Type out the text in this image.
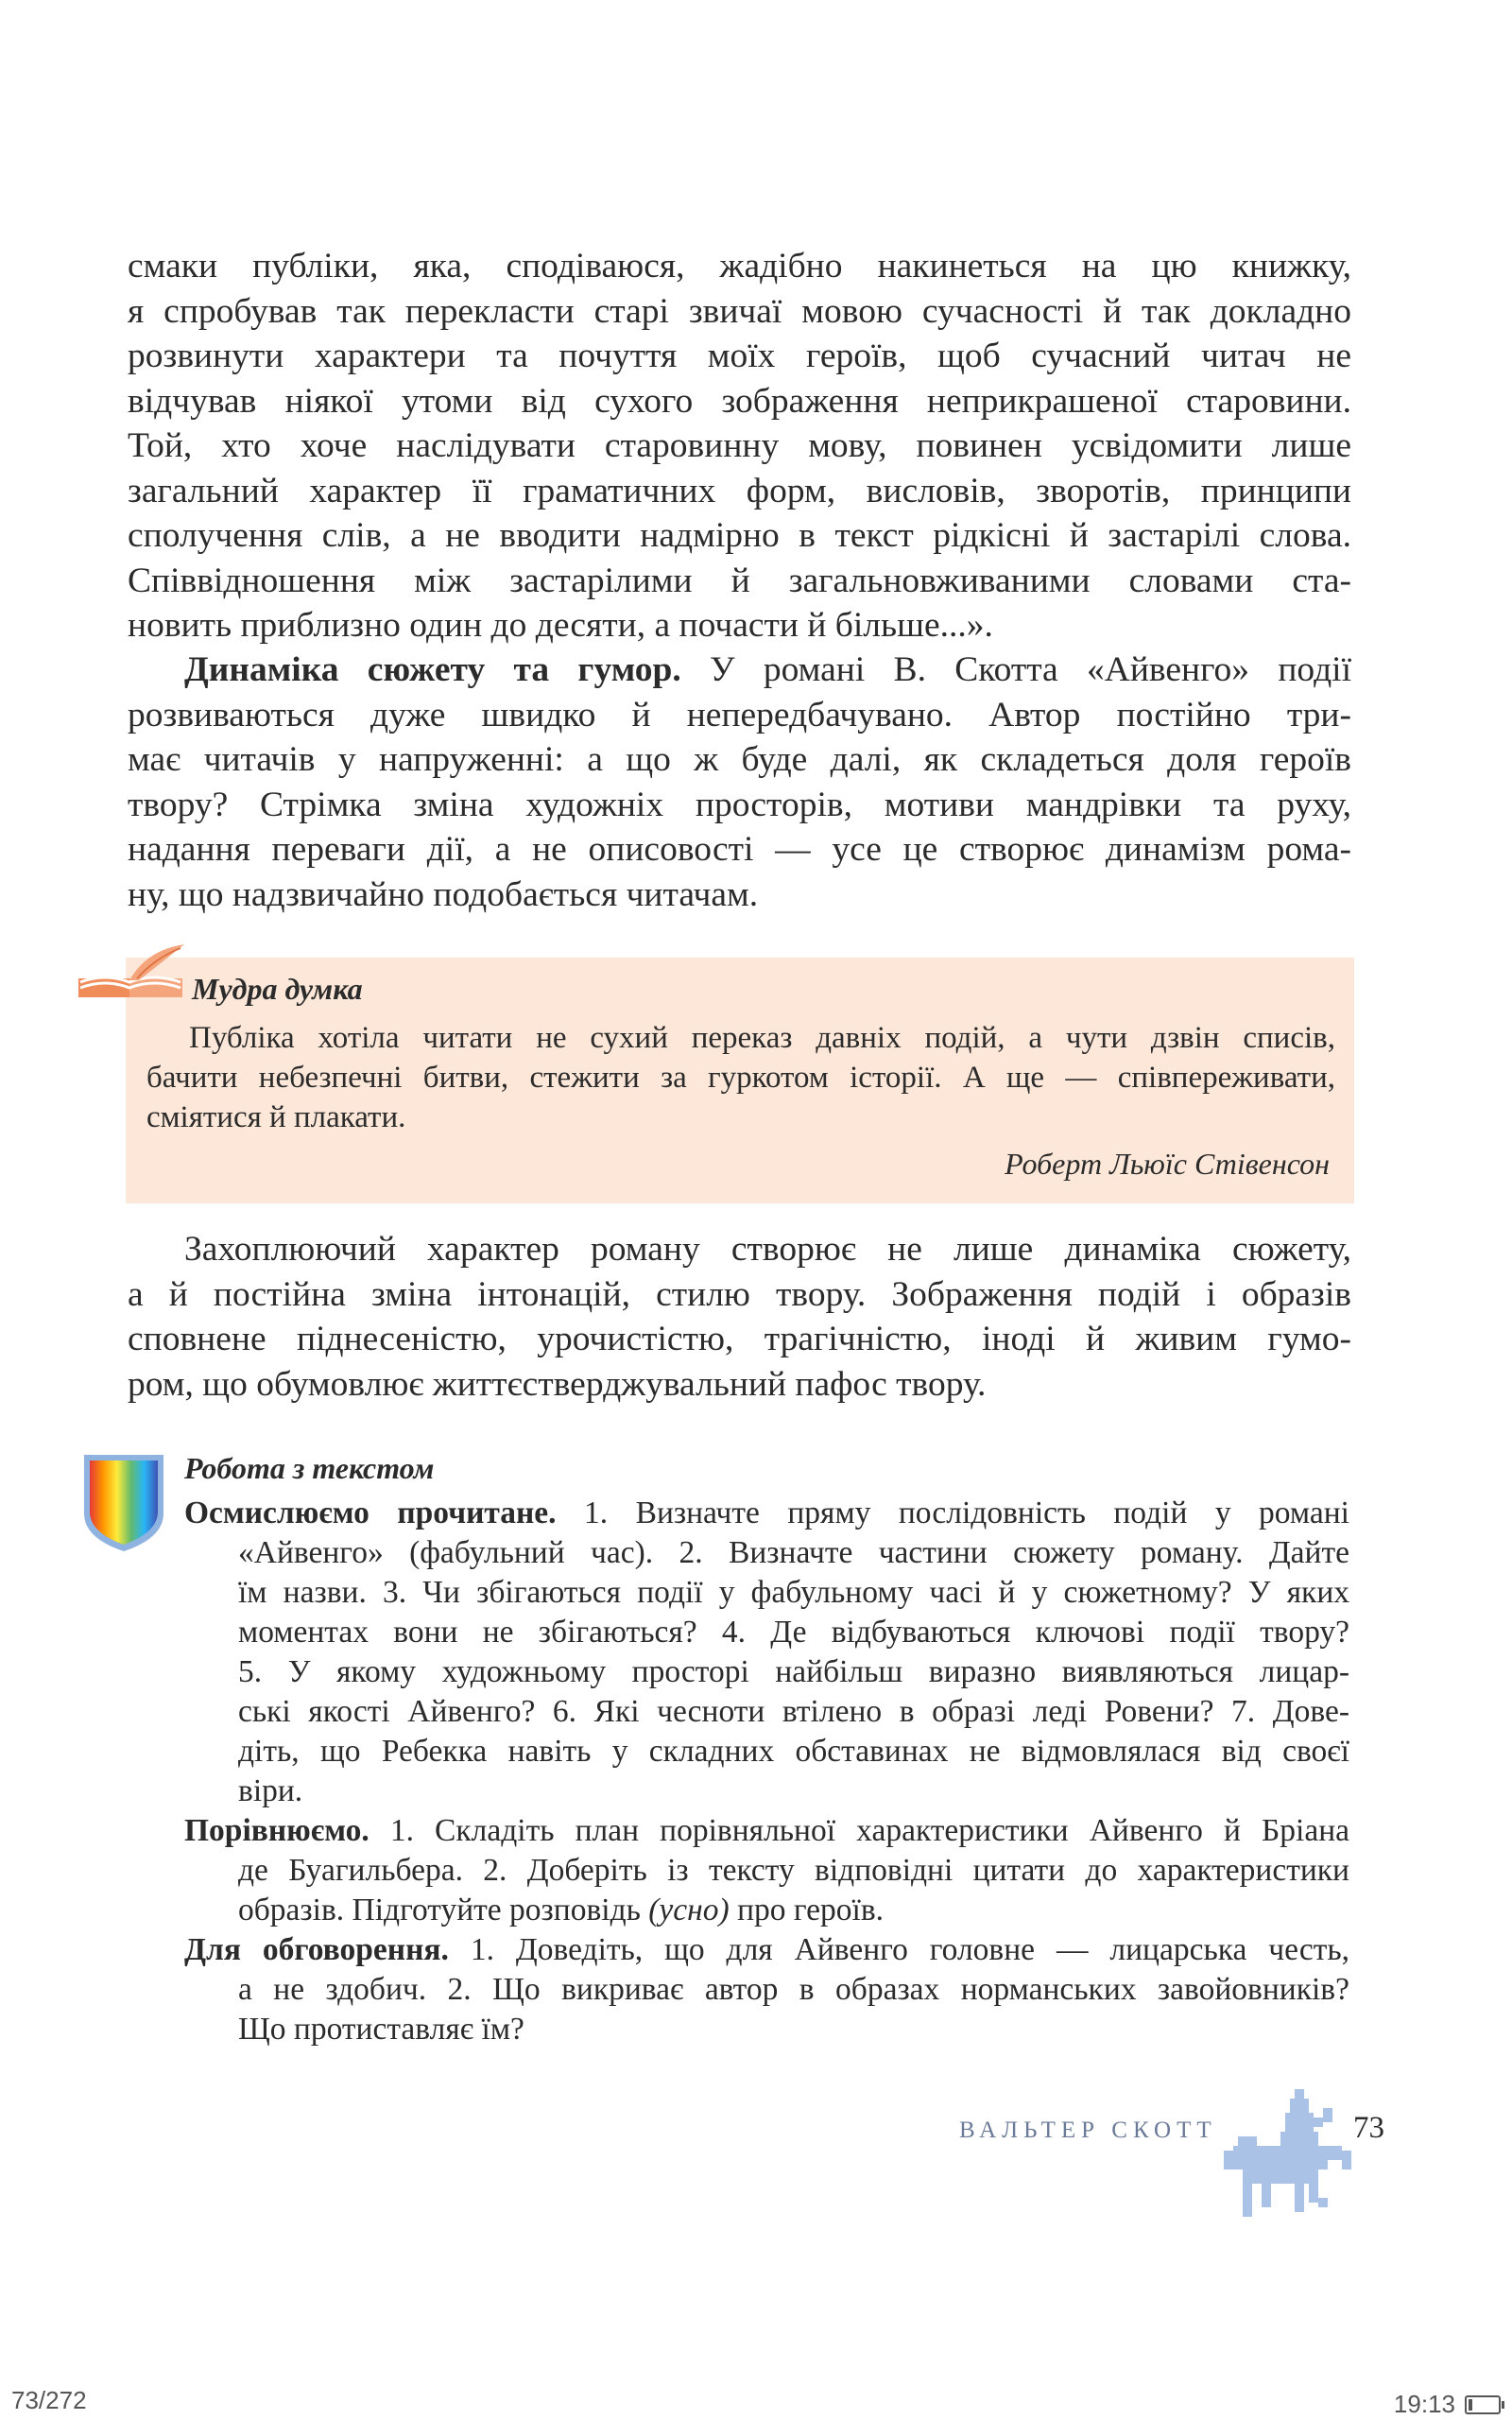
смаки публіки, яка, сподіваюся, жадібно накинеться на цю книжку,
я спробував так перекласти старі звичаї мовою сучасності й так докладно
розвинути характери та почуття моїх героїв, щоб сучасний читач не
відчував ніякої утоми від сухого зображення неприкрашеної старовини.
Той, хто хоче наслідувати старовинну мову, повинен усвідомити лише
загальний характер її граматичних форм, висловів, зворотів, принципи
сполучення слів, а не вводити надмірно в текст рідкісні й застарілі слова.
Співвідношення між застарілими й загальновживаними словами ста-
новить приблизно один до десяти, а почасти й більше...».

Динаміка сюжету та гумор. У романі В. Скотта «Айвенго» події
розвиваються дуже швидко й непередбачувано. Автор постійно три-
має читачів у напруженні: а що ж буде далі, як складеться доля героїв
твору? Стрімка зміна художніх просторів, мотиви мандрівки та руху,
надання переваги дії, а не описовості — усе це створює динамізм рома-
ну, що надзвичайно подобається читачам.

Мудра думка

Публіка хотіла читати не сухий переказ давніх подій, а чути дзвін списів,
бачити небезпечні битви, стежити за гуркотом історії. А ще — співпереживати,
сміятися й плакати.

Роберт Льюїс Стівенсон

Захоплюючий характер роману створює не лише динаміка сюжету,
а й постійна зміна інтонацій, стилю твору. Зображення подій і образів
сповнене піднесеністю, урочистістю, трагічністю, іноді й живим гумо-
ром, що обумовлює життєстверджувальний пафос твору.

Робота з текстом

Осмислюємо прочитане. 1. Визначте пряму послідовність подій у романі
«Айвенго» (фабульний час). 2. Визначте частини сюжету роману. Дайте
їм назви. 3. Чи збігаються події у фабульному часі й у сюжетному? У яких
моментах вони не збігаються? 4. Де відбуваються ключові події твору?
5. У якому художньому просторі найбільш виразно виявляються лицар-
ські якості Айвенго? 6. Які чесноти втілено в образі леді Ровени? 7. Дове-
діть, що Ребекка навіть у складних обставинах не відмовлялася від своєї
віри.

Порівнюємо. 1. Складіть план порівняльної характеристики Айвенго й Бріана
де Буагильбера. 2. Доберіть із тексту відповідні цитати до характеристики
образів. Підготуйте розповідь (усно) про героїв.

Для обговорення. 1. Доведіть, що для Айвенго головне — лицарська честь,
а не здобич. 2. Що викриває автор в образах норманських завойовників?
Що протиставляє їм?

ВАЛЬТЕР СКОТТ	73
73/272	19:13
